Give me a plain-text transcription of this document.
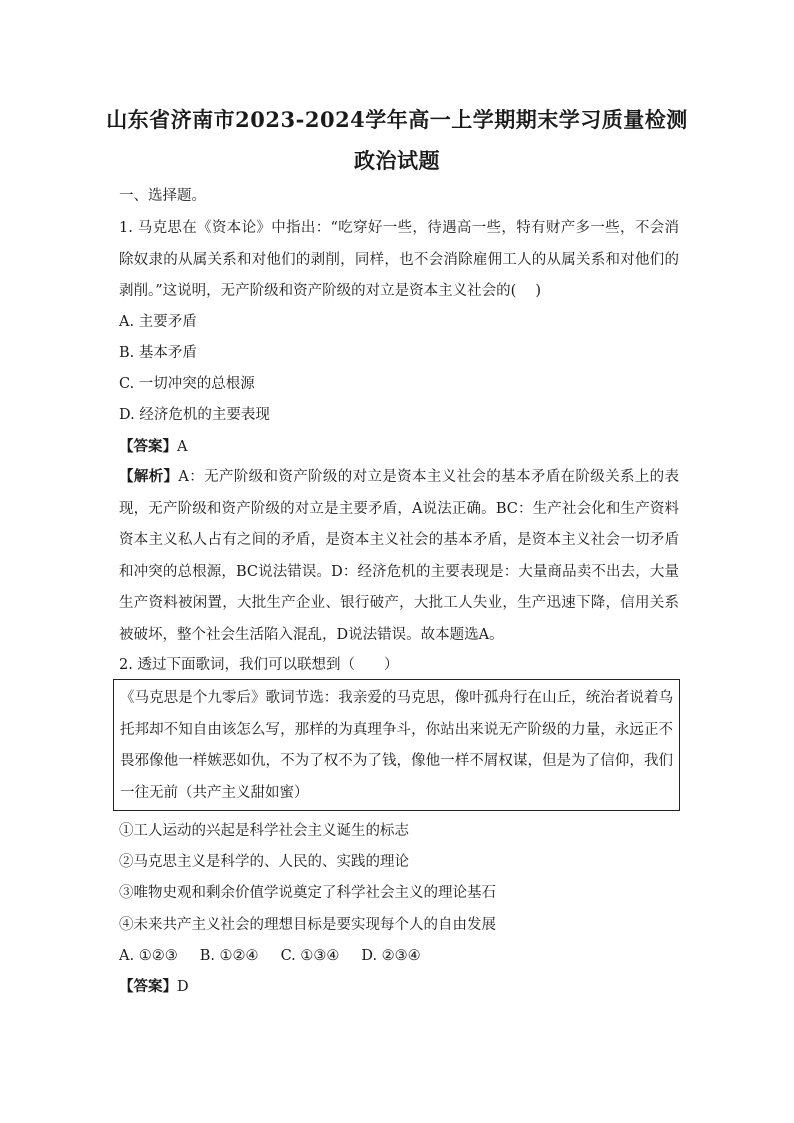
山东省济南市2023-2024学年高一上学期期末学习质量检测
政治试题
一、选择题。
1. 马克思在《资本论》中指出：“吃穿好一些，待遇高一些，特有财产多一些，不会消除奴隶的从属关系和对他们的剥削，同样，也不会消除雇佣工人的从属关系和对他们的剥削。”这说明，无产阶级和资产阶级的对立是资本主义社会的(　 )
A. 主要矛盾
B. 基本矛盾
C. 一切冲突的总根源
D. 经济危机的主要表现
【答案】A
【解析】A：无产阶级和资产阶级的对立是资本主义社会的基本矛盾在阶级关系上的表现，无产阶级和资产阶级的对立是主要矛盾，A说法正确。BC：生产社会化和生产资料资本主义私人占有之间的矛盾，是资本主义社会的基本矛盾，是资本主义社会一切矛盾和冲突的总根源，BC说法错误。D：经济危机的主要表现是：大量商品卖不出去，大量生产资料被闲置，大批生产企业、银行破产，大批工人失业，生产迅速下降，信用关系被破坏，整个社会生活陷入混乱，D说法错误。故本题选A。
2. 透过下面歌词，我们可以联想到（　　）
《马克思是个九零后》歌词节选：我亲爱的马克思，像叶孤舟行在山丘，统治者说着乌托邦却不知自由该怎么写，那样的为真理争斗，你站出来说无产阶级的力量，永远正不畏邪像他一样嫉恶如仇，不为了权不为了钱，像他一样不屑权谋，但是为了信仰，我们一往无前（共产主义甜如蜜）
①工人运动的兴起是科学社会主义诞生的标志
②马克思主义是科学的、人民的、实践的理论
③唯物史观和剩余价值学说奠定了科学社会主义的理论基石
④未来共产主义社会的理想目标是要实现每个人的自由发展
A. ①②③ B. ①②④ C. ①③④ D. ②③④
【答案】D
